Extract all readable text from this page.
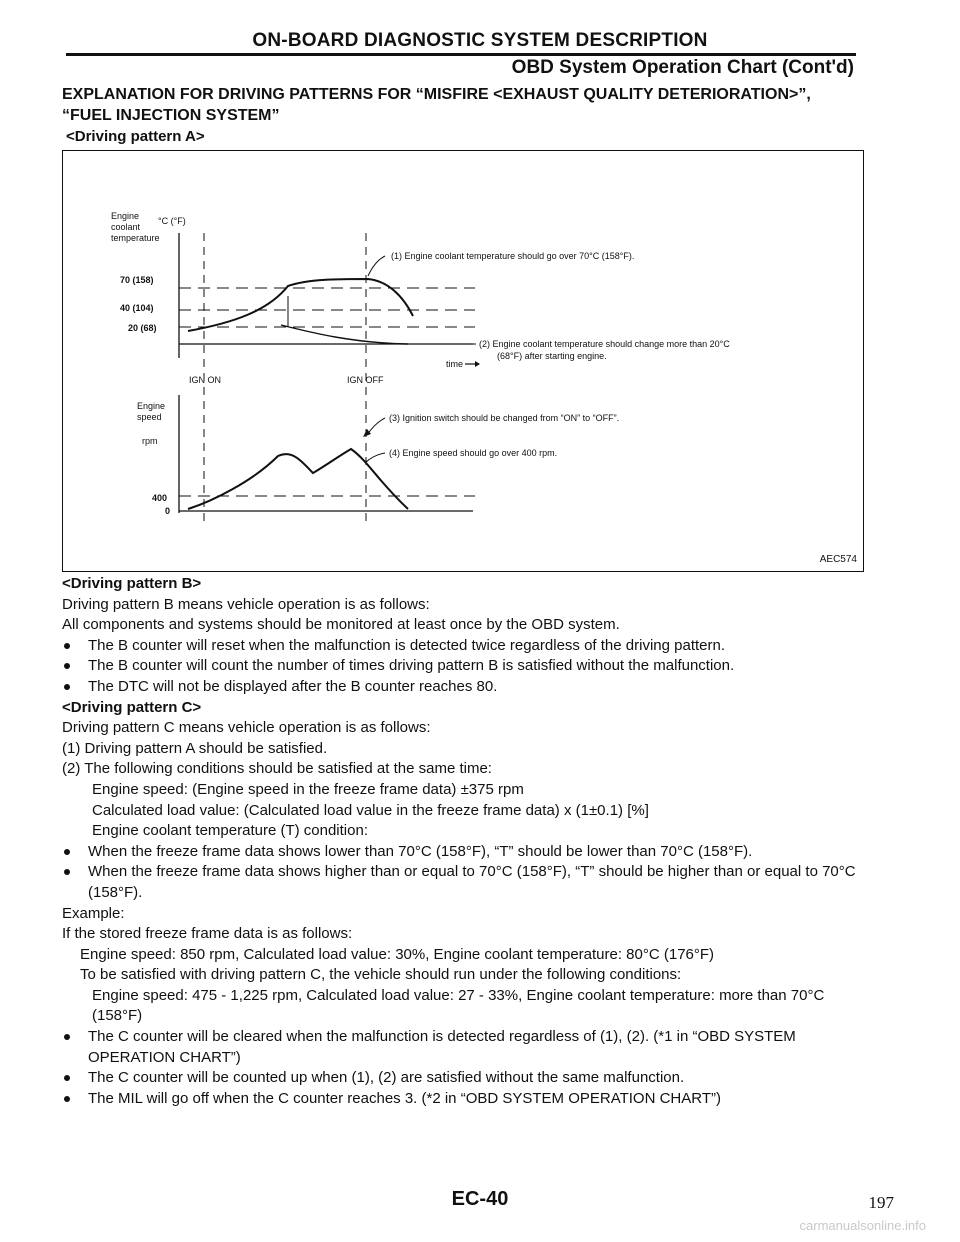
ON-BOARD DIAGNOSTIC SYSTEM DESCRIPTION
OBD System Operation Chart (Cont'd)
EXPLANATION FOR DRIVING PATTERNS FOR “MISFIRE <EXHAUST QUALITY DETERIORATION>”, “FUEL INJECTION SYSTEM”
<Driving pattern A>
Engine
coolant
temperature
°C (°F)
70 (158)
40 (104)
20 (68)
(1) Engine coolant temperature should go over 70°C (158°F).
(2) Engine coolant temperature should change more than 20°C
(68°F) after starting engine.
time
IGN ON	IGN OFF
Engine
speed
rpm
400
0
(3) Ignition switch should be changed from “ON” to “OFF”.
(4) Engine speed should go over 400 rpm.
AEC574

<Driving pattern B>

Driving pattern B means vehicle operation is as follows:

All components and systems should be monitored at least once by the OBD system.

The B counter will reset when the malfunction is detected twice regardless of the driving pattern.

The B counter will count the number of times driving pattern B is satisfied without the malfunction.

The DTC will not be displayed after the B counter reaches 80.

<Driving pattern C>

Driving pattern C means vehicle operation is as follows:

(1) Driving pattern A should be satisfied.

(2) The following conditions should be satisfied at the same time:

Engine speed: (Engine speed in the freeze frame data) ±375 rpm

Calculated load value: (Calculated load value in the freeze frame data) x (1±0.1) [%]

Engine coolant temperature (T) condition:

When the freeze frame data shows lower than 70°C (158°F), “T” should be lower than 70°C (158°F).

When the freeze frame data shows higher than or equal to 70°C (158°F), “T” should be higher than or equal to 70°C (158°F).

Example:

If the stored freeze frame data is as follows:

Engine speed: 850 rpm, Calculated load value: 30%, Engine coolant temperature: 80°C (176°F)

To be satisfied with driving pattern C, the vehicle should run under the following conditions:

Engine speed: 475 - 1,225 rpm, Calculated load value: 27 - 33%, Engine coolant temperature: more than 70°C (158°F)

The C counter will be cleared when the malfunction is detected regardless of (1), (2). (*1 in “OBD SYSTEM OPERATION CHART”)

The C counter will be counted up when (1), (2) are satisfied without the same malfunction.

The MIL will go off when the C counter reaches 3. (*2 in “OBD SYSTEM OPERATION CHART”)

EC-40	197
carmanualsonline.info
